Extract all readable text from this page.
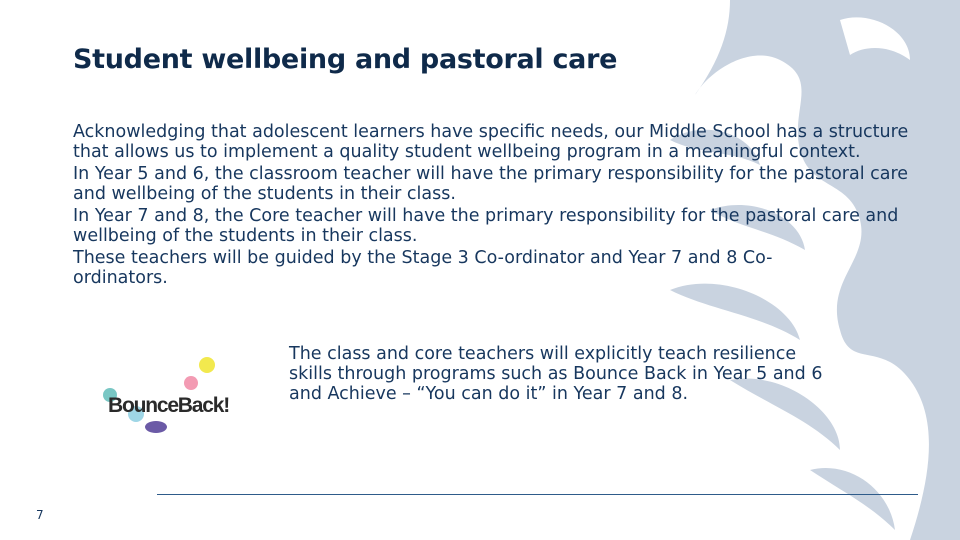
Student wellbeing and pastoral care

Acknowledging that adolescent learners have specific needs, our Middle School has a structure that allows us to implement a quality student wellbeing program in a meaningful context.

In Year 5 and 6, the classroom teacher will have the primary responsibility for the pastoral care and wellbeing of the students in their class.

In Year 7 and 8, the Core teacher will have the primary responsibility for the pastoral care and wellbeing of the students in their class.

These teachers will be guided by the Stage 3 Co-ordinator and Year 7 and 8 Co-ordinators.

BounceBack!

The class and core teachers will explicitly teach resilience skills through programs such as Bounce Back in Year 5 and 6 and Achieve – “You can do it” in Year 7 and 8.

7
